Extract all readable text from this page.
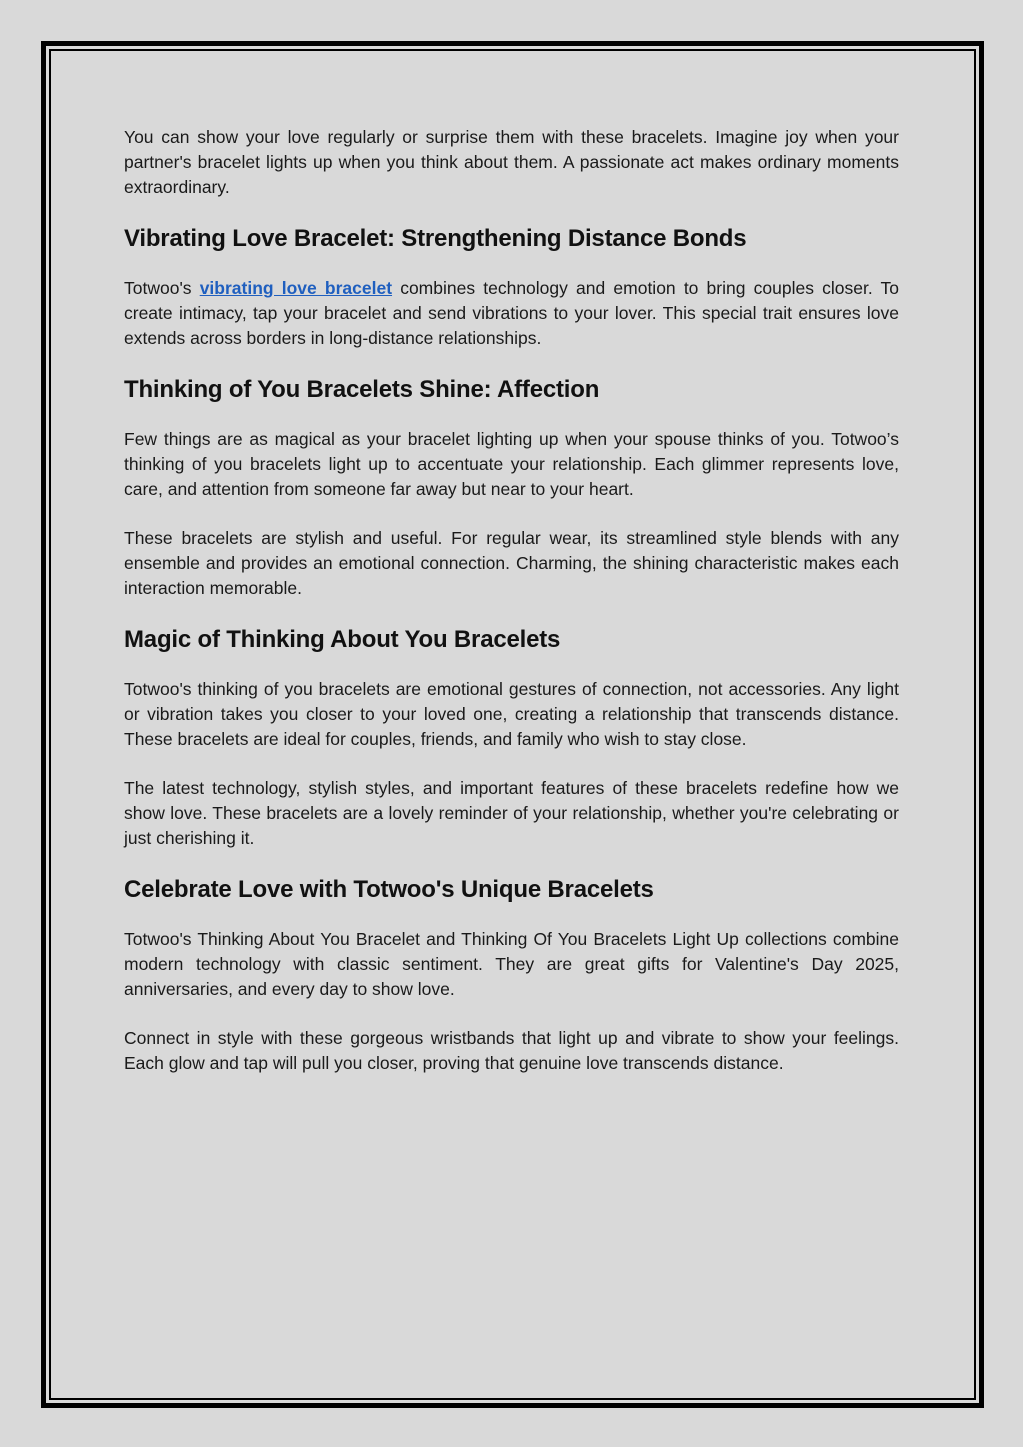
You can show your love regularly or surprise them with these bracelets. Imagine joy when your partner's bracelet lights up when you think about them. A passionate act makes ordinary moments extraordinary.

Vibrating Love Bracelet: Strengthening Distance Bonds

Totwoo's vibrating love bracelet combines technology and emotion to bring couples closer. To create intimacy, tap your bracelet and send vibrations to your lover. This special trait ensures love extends across borders in long-distance relationships.

Thinking of You Bracelets Shine: Affection

Few things are as magical as your bracelet lighting up when your spouse thinks of you. Totwoo’s thinking of you bracelets light up to accentuate your relationship. Each glimmer represents love, care, and attention from someone far away but near to your heart.

These bracelets are stylish and useful. For regular wear, its streamlined style blends with any ensemble and provides an emotional connection. Charming, the shining characteristic makes each interaction memorable.

Magic of Thinking About You Bracelets

Totwoo's thinking of you bracelets are emotional gestures of connection, not accessories. Any light or vibration takes you closer to your loved one, creating a relationship that transcends distance. These bracelets are ideal for couples, friends, and family who wish to stay close.

The latest technology, stylish styles, and important features of these bracelets redefine how we show love. These bracelets are a lovely reminder of your relationship, whether you're celebrating or just cherishing it.

Celebrate Love with Totwoo's Unique Bracelets

Totwoo's Thinking About You Bracelet and Thinking Of You Bracelets Light Up collections combine modern technology with classic sentiment. They are great gifts for Valentine's Day 2025, anniversaries, and every day to show love.

Connect in style with these gorgeous wristbands that light up and vibrate to show your feelings. Each glow and tap will pull you closer, proving that genuine love transcends distance.
